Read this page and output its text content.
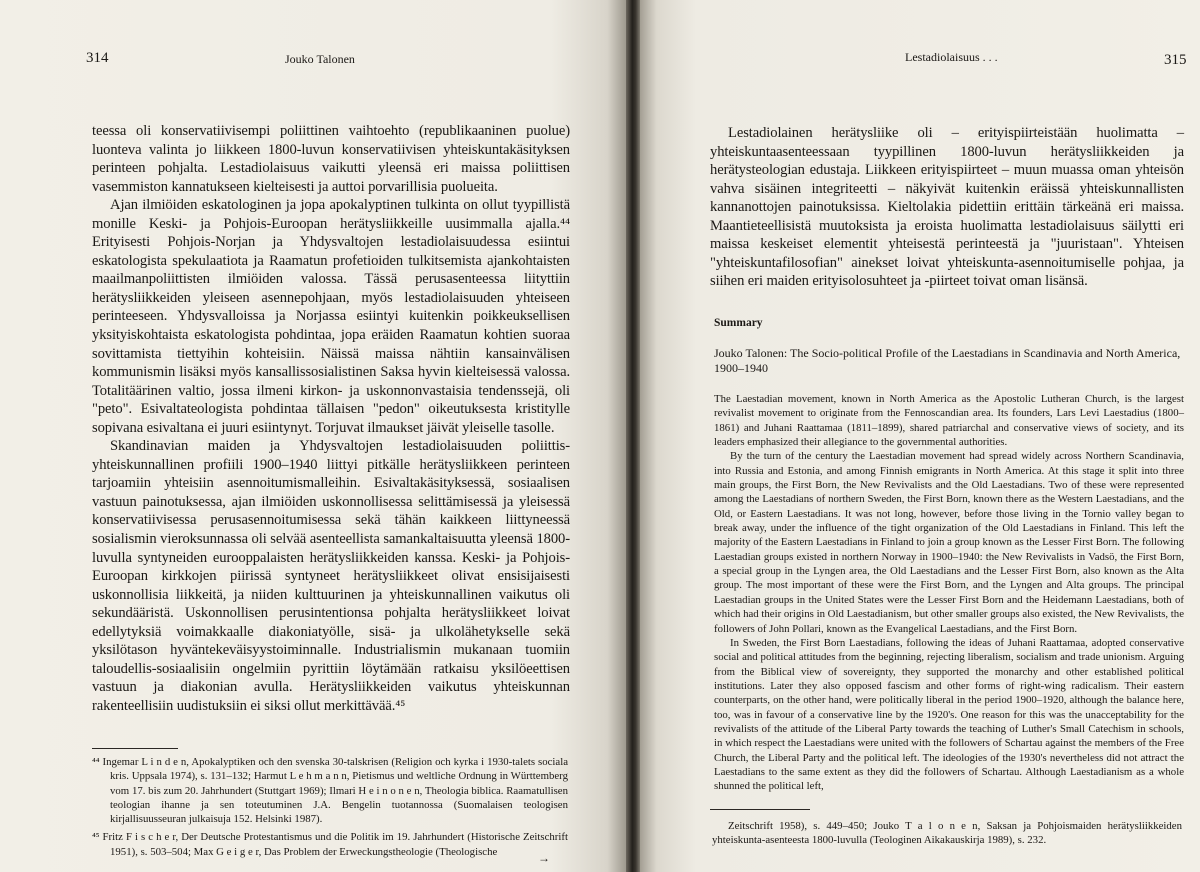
314	Jouko Talonen

teessa oli konservatiivisempi poliittinen vaihtoehto (republikaaninen puolue) luonteva valinta jo liikkeen 1800-luvun konservatiivisen yhteiskuntakäsityksen perinteen pohjalta. Lestadiolaisuus vaikutti yleensä eri maissa poliittisen vasemmiston kannatukseen kielteisesti ja auttoi porvarillisia puolueita.

Ajan ilmiöiden eskatologinen ja jopa apokalyptinen tulkinta on ollut tyypillistä monille Keski- ja Pohjois-Euroopan herätysliikkeille uusimmalla ajalla.⁴⁴ Erityisesti Pohjois-Norjan ja Yhdysvaltojen lestadiolaisuudessa esiintui eskatologista spekulaatiota ja Raamatun profetioiden tulkitsemista ajankohtaisten maailmanpoliittisten ilmiöiden valossa. Tässä perusasenteessa liityttiin herätysliikkeiden yleiseen asennepohjaan, myös lestadiolaisuuden yhteiseen perinteeseen. Yhdysvalloissa ja Norjassa esiintyi kuitenkin poikkeuksellisen yksityiskohtaista eskatologista pohdintaa, jopa eräiden Raamatun kohtien suoraa sovittamista tiettyihin kohteisiin. Näissä maissa nähtiin kansainvälisen kommunismin lisäksi myös kansallissosialistinen Saksa hyvin kielteisessä valossa. Totalitäärinen valtio, jossa ilmeni kirkon- ja uskonnonvastaisia tendenssejä, oli "peto". Esivaltateologista pohdintaa tällaisen "pedon" oikeutuksesta kristitylle sopivana esivaltana ei juuri esiintynyt. Torjuvat ilmaukset jäivät yleiselle tasolle.

Skandinavian maiden ja Yhdysvaltojen lestadiolaisuuden poliittis-yhteiskunnallinen profiili 1900–1940 liittyi pitkälle herätysliikkeen perinteen tarjoamiin yhteisiin asennoitumismalleihin. Esivaltakäsityksessä, sosiaalisen vastuun painotuksessa, ajan ilmiöiden uskonnollisessa selittämisessä ja yleisessä konservatiivisessa perusasennoitumisessa sekä tähän kaikkeen liittyneessä sosialismin vieroksunnassa oli selvää asenteellista samankaltaisuutta yleensä 1800-luvulla syntyneiden eurooppalaisten herätysliikkeiden kanssa. Keski- ja Pohjois-Euroopan kirkkojen piirissä syntyneet herätysliikkeet olivat ensisijaisesti uskonnollisia liikkeitä, ja niiden kulttuurinen ja yhteiskunnallinen vaikutus oli sekundääristä. Uskonnollisen perusintentionsa pohjalta herätysliikkeet loivat edellytyksiä voimakkaalle diakoniatyölle, sisä- ja ulkolähetykselle sekä yksilötason hyväntekeväisyystoiminnalle. Industrialismin mukanaan tuomiin taloudellis-sosiaalisiin ongelmiin pyrittiin löytämään ratkaisu yksilöeettisen vastuun ja diakonian avulla. Herätysliikkeiden vaikutus yhteiskunnan rakenteellisiin uudistuksiin ei siksi ollut merkittävää.⁴⁵

⁴⁴ Ingemar L i n d e n, Apokalyptiken och den svenska 30-talskrisen (Religion och kyrka i 1930-talets sociala kris. Uppsala 1974), s. 131–132; Harmut L e h m a n n, Pietismus und weltliche Ordnung in Württemberg vom 17. bis zum 20. Jahrhundert (Stuttgart 1969); Ilmari H e i n o n e n, Theologia biblica. Raamatullisen teologian ihanne ja sen toteutuminen J.A. Bengelin tuotannossa (Suomalaisen teologisen kirjallisuusseuran julkaisuja 152. Helsinki 1987).

⁴⁵ Fritz F i s c h e r, Der Deutsche Protestantismus und die Politik im 19. Jahrhundert (Historische Zeitschrift 1951), s. 503–504; Max G e i g e r, Das Problem der Erweckungstheologie (Theologische	→
Lestadiolaisuus . . .	315

Lestadiolainen herätysliike oli – erityispiirteistään huolimatta – yhteiskuntaasenteessaan tyypillinen 1800-luvun herätysliikkeiden ja herätysteologian edustaja. Liikkeen erityispiirteet – muun muassa oman yhteisön vahva sisäinen integriteetti – näkyivät kuitenkin eräissä yhteiskunnallisten kannanottojen painotuksissa. Kieltolakia pidettiin erittäin tärkeänä eri maissa. Maantieteellisistä muutoksista ja eroista huolimatta lestadiolaisuus säilytti eri maissa keskeiset elementit yhteisestä perinteestä ja "juuristaan". Yhteisen "yhteiskuntafilosofian" ainekset loivat yhteiskunta-asennoitumiselle pohjaa, ja siihen eri maiden erityisolosuhteet ja -piirteet toivat oman lisänsä.

Summary

Jouko Talonen: The Socio-political Profile of the Laestadians in Scandinavia and North America, 1900–1940

The Laestadian movement, known in North America as the Apostolic Lutheran Church, is the largest revivalist movement to originate from the Fennoscandian area. Its founders, Lars Levi Laestadius (1800–1861) and Juhani Raattamaa (1811–1899), shared patriarchal and conservative views of society, and its leaders emphasized their allegiance to the governmental authorities.

By the turn of the century the Laestadian movement had spread widely across Northern Scandinavia, into Russia and Estonia, and among Finnish emigrants in North America. At this stage it split into three main groups, the First Born, the New Revivalists and the Old Laestadians. Two of these were represented among the Laestadians of northern Sweden, the First Born, known there as the Western Laestadians, and the Old, or Eastern Laestadians. It was not long, however, before those living in the Tornio valley began to break away, under the influence of the tight organization of the Old Laestadians in Finland. This left the majority of the Eastern Laestadians in Finland to join a group known as the Lesser First Born. The following Laestadian groups existed in northern Norway in 1900–1940: the New Revivalists in Vadsö, the First Born, a special group in the Lyngen area, the Old Laestadians and the Lesser First Born, also known as the Alta group. The most important of these were the First Born, and the Lyngen and Alta groups. The principal Laestadian groups in the United States were the Lesser First Born and the Heidemann Laestadians, both of which had their origins in Old Laestadianism, but other smaller groups also existed, the New Revivalists, the followers of John Pollari, known as the Evangelical Laestadians, and the First Born.

In Sweden, the First Born Laestadians, following the ideas of Juhani Raattamaa, adopted conservative social and political attitudes from the beginning, rejecting liberalism, socialism and trade unionism. Arguing from the Biblical view of sovereignty, they supported the monarchy and other established political institutions. Later they also opposed fascism and other forms of right-wing radicalism. Their eastern counterparts, on the other hand, were politically liberal in the period 1900–1920, although the balance here, too, was in favour of a conservative line by the 1920's. One reason for this was the unacceptability for the revivalists of the attitude of the Liberal Party towards the teaching of Luther's Small Catechism in schools, in which respect the Laestadians were united with the followers of Schartau against the members of the Free Church, the Liberal Party and the political left. The ideologies of the 1930's nevertheless did not attract the Laestadians to the same extent as they did the followers of Schartau. Although Laestadianism as a whole shunned the political left,

Zeitschrift 1958), s. 449–450; Jouko T a l o n e n, Saksan ja Pohjoismaiden herätysliikkeiden yhteiskunta-asenteesta 1800-luvulla (Teologinen Aikakauskirja 1989), s. 232.
